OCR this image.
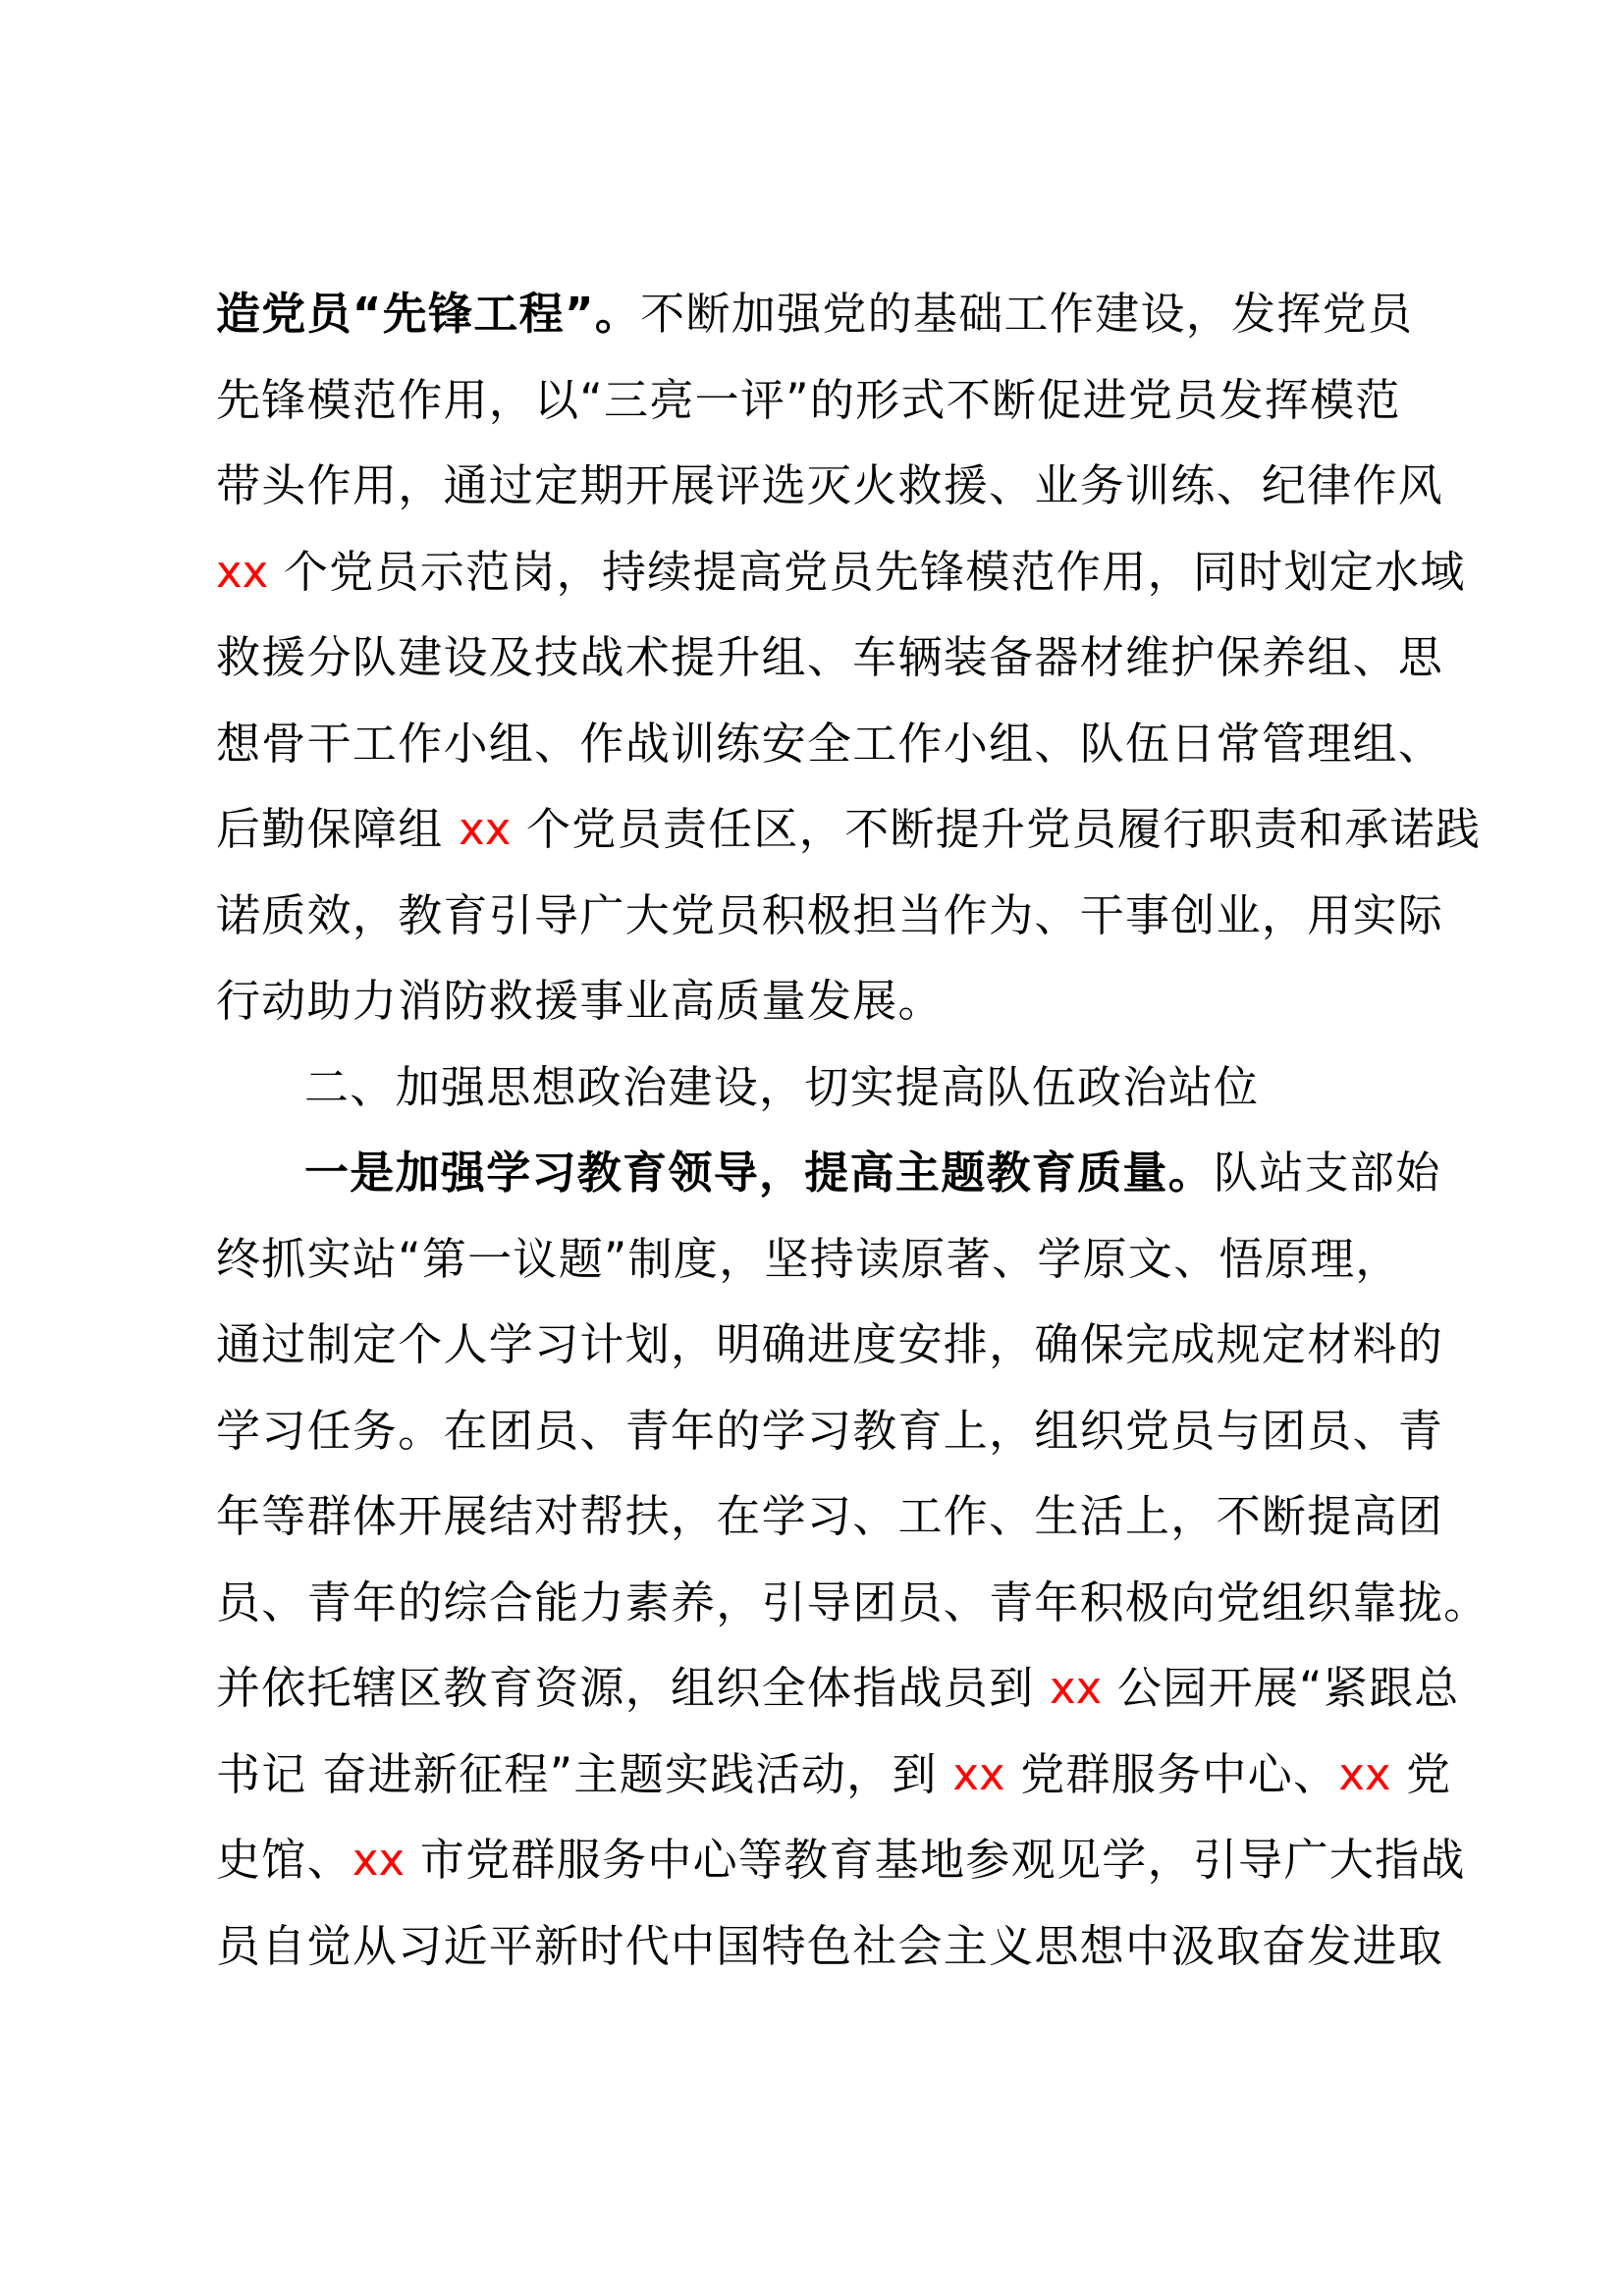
造党员“先锋工程”。不断加强党的基础工作建设，发挥党员
先锋模范作用，以“三亮一评”的形式不断促进党员发挥模范
带头作用，通过定期开展评选灭火救援、业务训练、纪律作风
xx 个党员示范岗，持续提高党员先锋模范作用，同时划定水域
救援分队建设及技战术提升组、车辆装备器材维护保养组、思
想骨干工作小组、作战训练安全工作小组、队伍日常管理组、
后勤保障组 xx 个党员责任区，不断提升党员履行职责和承诺践
诺质效，教育引导广大党员积极担当作为、干事创业，用实际
行动助力消防救援事业高质量发展。
二、加强思想政治建设，切实提高队伍政治站位
一是加强学习教育领导，提高主题教育质量。队站支部始
终抓实站“第一议题”制度，坚持读原著、学原文、悟原理，
通过制定个人学习计划，明确进度安排，确保完成规定材料的
学习任务。在团员、青年的学习教育上，组织党员与团员、青
年等群体开展结对帮扶，在学习、工作、生活上，不断提高团
员、青年的综合能力素养，引导团员、青年积极向党组织靠拢。
并依托辖区教育资源，组织全体指战员到 xx 公园开展“紧跟总
书记 奋进新征程”主题实践活动，到 xx 党群服务中心、xx 党
史馆、xx 市党群服务中心等教育基地参观见学，引导广大指战
员自觉从习近平新时代中国特色社会主义思想中汲取奋发进取
